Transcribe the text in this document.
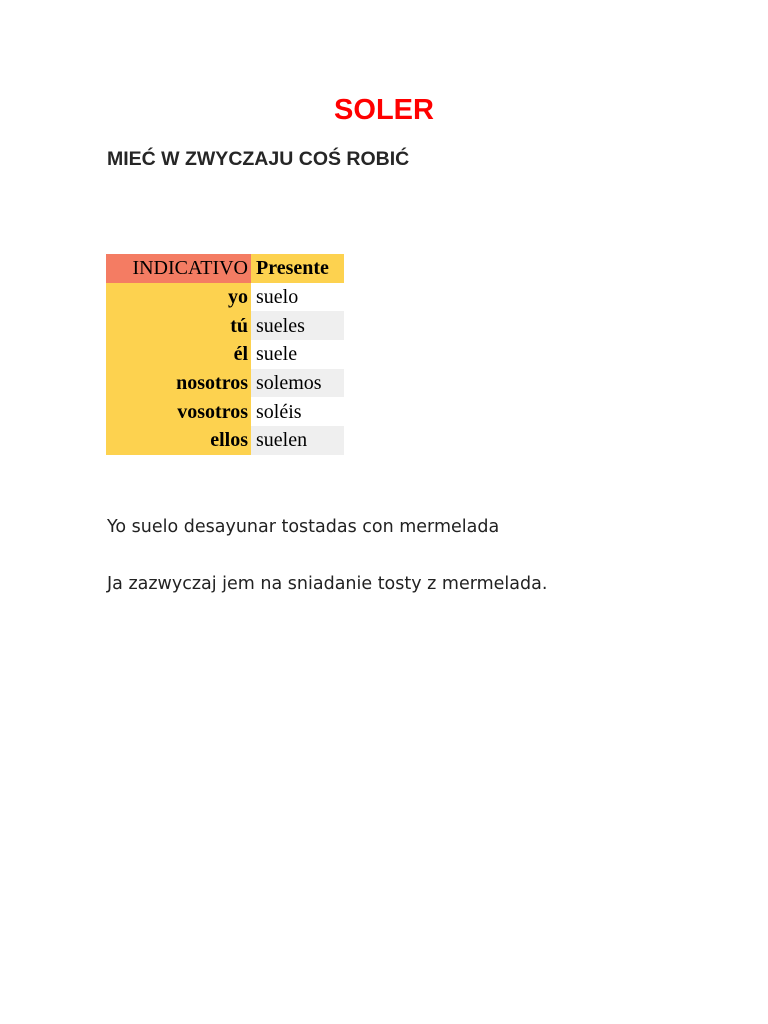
SOLER
MIEĆ W ZWYCZAJU COŚ ROBIĆ
INDICATIVO	Presente
yo	suelo
tú	sueles
él	suele
nosotros	solemos
vosotros	soléis
ellos	suelen

Yo suelo desayunar tostadas con mermelada

Ja zazwyczaj jem na sniadanie tosty z mermelada.
